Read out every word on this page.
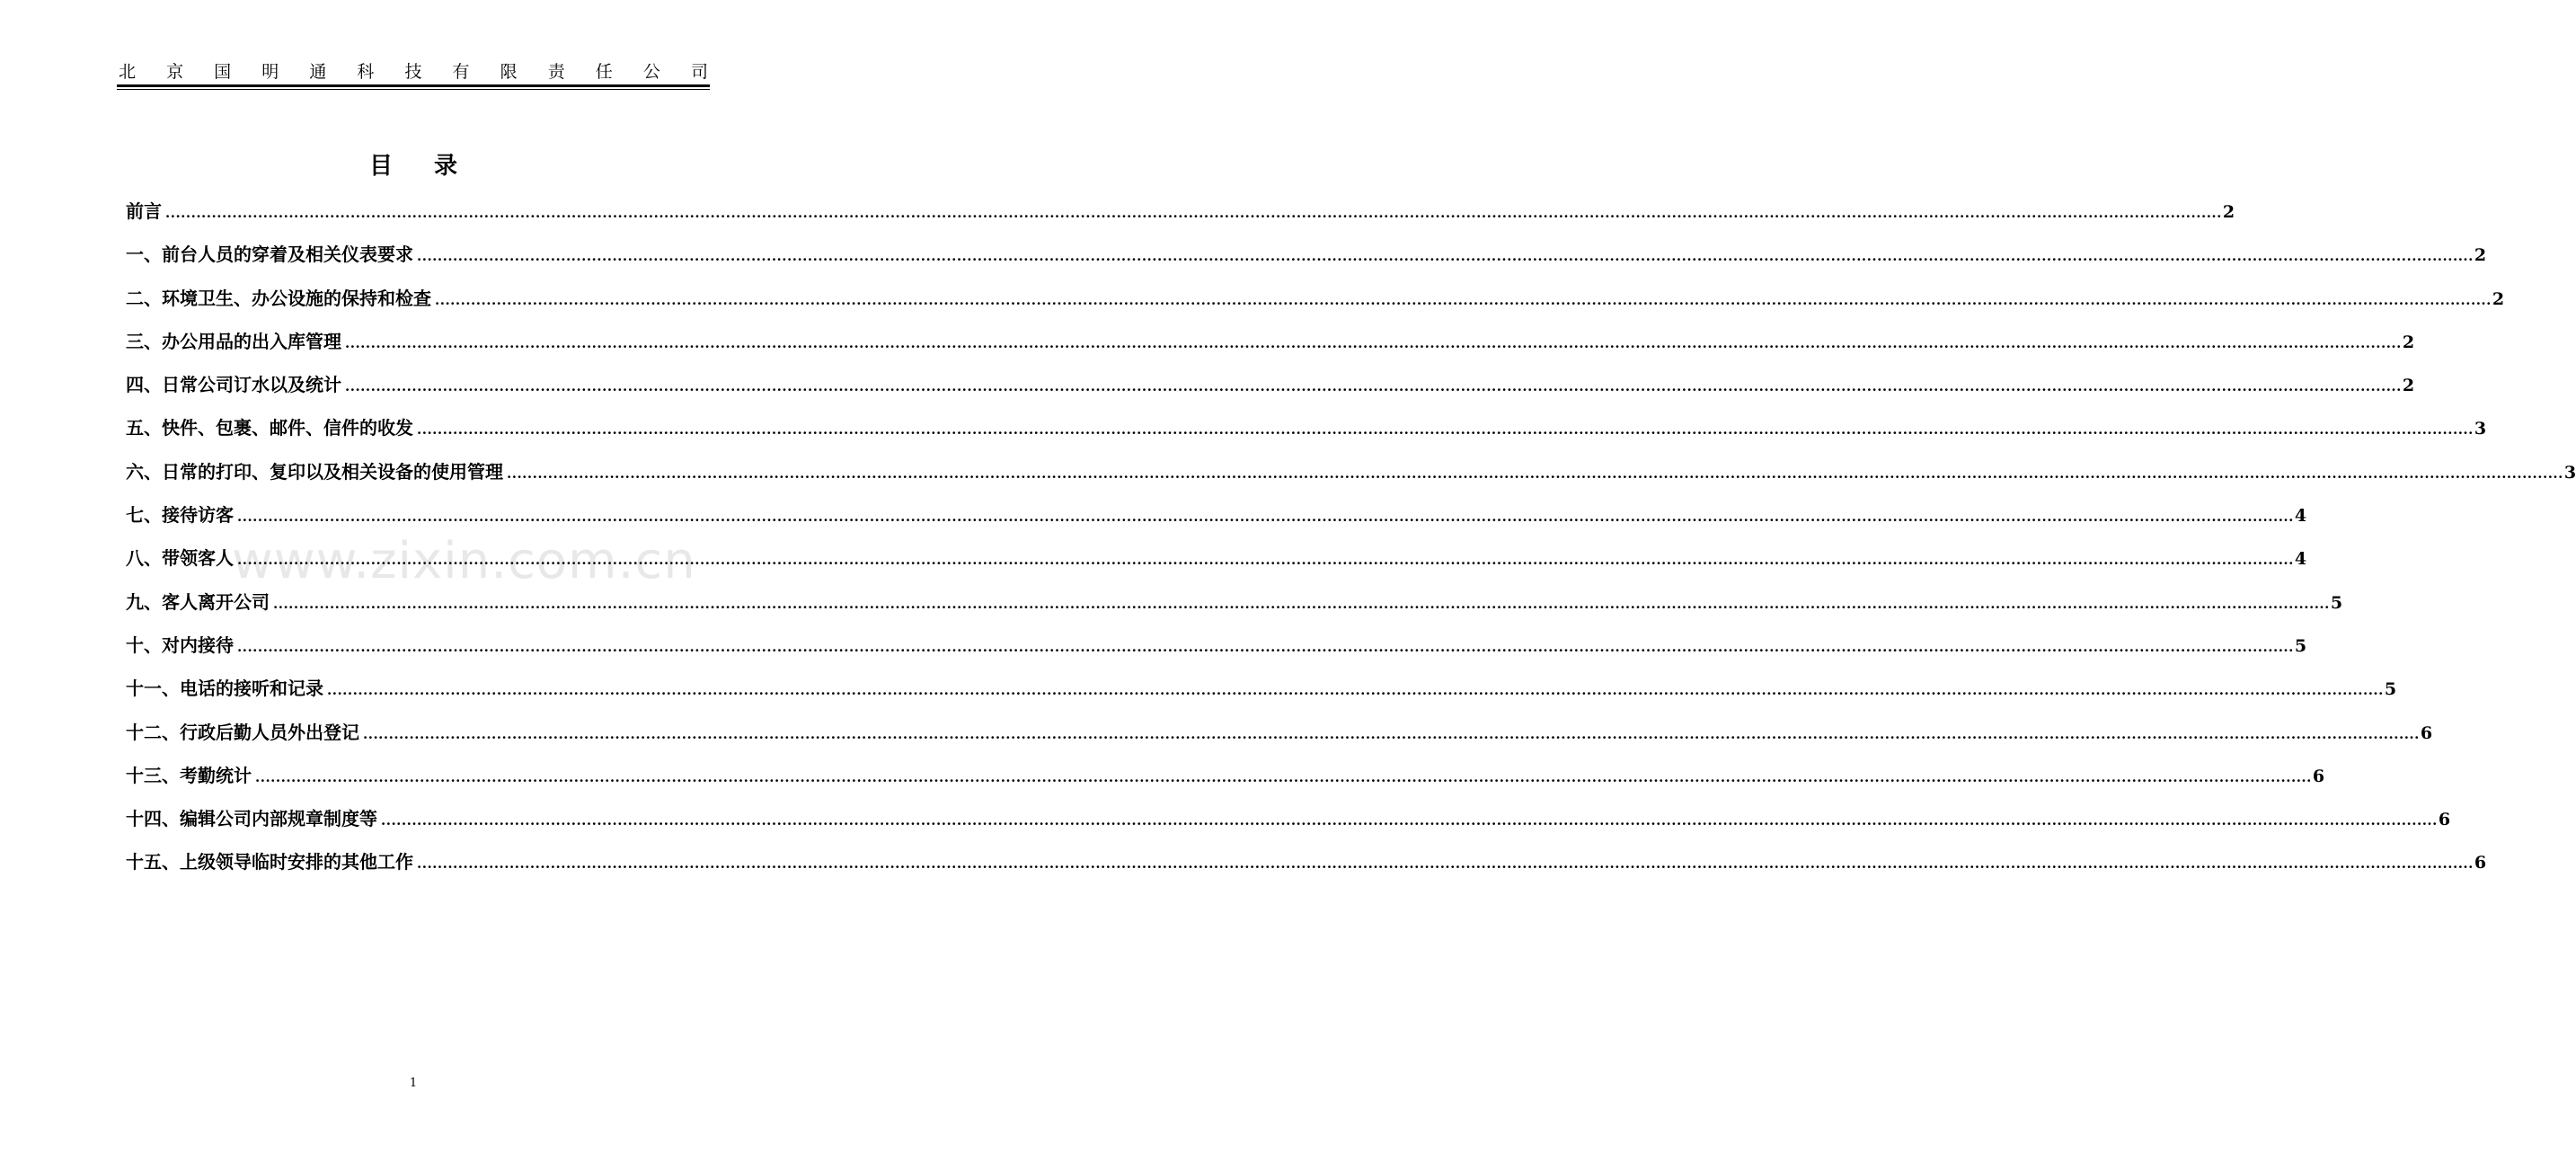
北 京 国 明 通 科 技 有 限 责 任 公 司
目录
前言 ................................................................................................................................................................................................................................................................................................................................................................................................................ 2
一、前台人员的穿着及相关仪表要求 ................................................................................................................................................................................................................................................................................................................................................................................................................ 2
二、环境卫生、办公设施的保持和检查 ................................................................................................................................................................................................................................................................................................................................................................................................................ 2
三、办公用品的出入库管理 ................................................................................................................................................................................................................................................................................................................................................................................................................ 2
四、日常公司订水以及统计 ................................................................................................................................................................................................................................................................................................................................................................................................................ 2
五、快件、包裹、邮件、信件的收发 ................................................................................................................................................................................................................................................................................................................................................................................................................ 3
六、日常的打印、复印以及相关设备的使用管理 ................................................................................................................................................................................................................................................................................................................................................................................................................ 3
七、接待访客 ................................................................................................................................................................................................................................................................................................................................................................................................................ 4
八、带领客人 ................................................................................................................................................................................................................................................................................................................................................................................................................ 4
九、客人离开公司 ................................................................................................................................................................................................................................................................................................................................................................................................................ 5
十、对内接待 ................................................................................................................................................................................................................................................................................................................................................................................................................ 5
十一、电话的接听和记录 ................................................................................................................................................................................................................................................................................................................................................................................................................ 5
十二、行政后勤人员外出登记 ................................................................................................................................................................................................................................................................................................................................................................................................................ 6
十三、考勤统计 ................................................................................................................................................................................................................................................................................................................................................................................................................ 6
十四、编辑公司内部规章制度等 ................................................................................................................................................................................................................................................................................................................................................................................................................ 6
十五、上级领导临时安排的其他工作 ................................................................................................................................................................................................................................................................................................................................................................................................................ 6
www.zixin.com.cn
1
